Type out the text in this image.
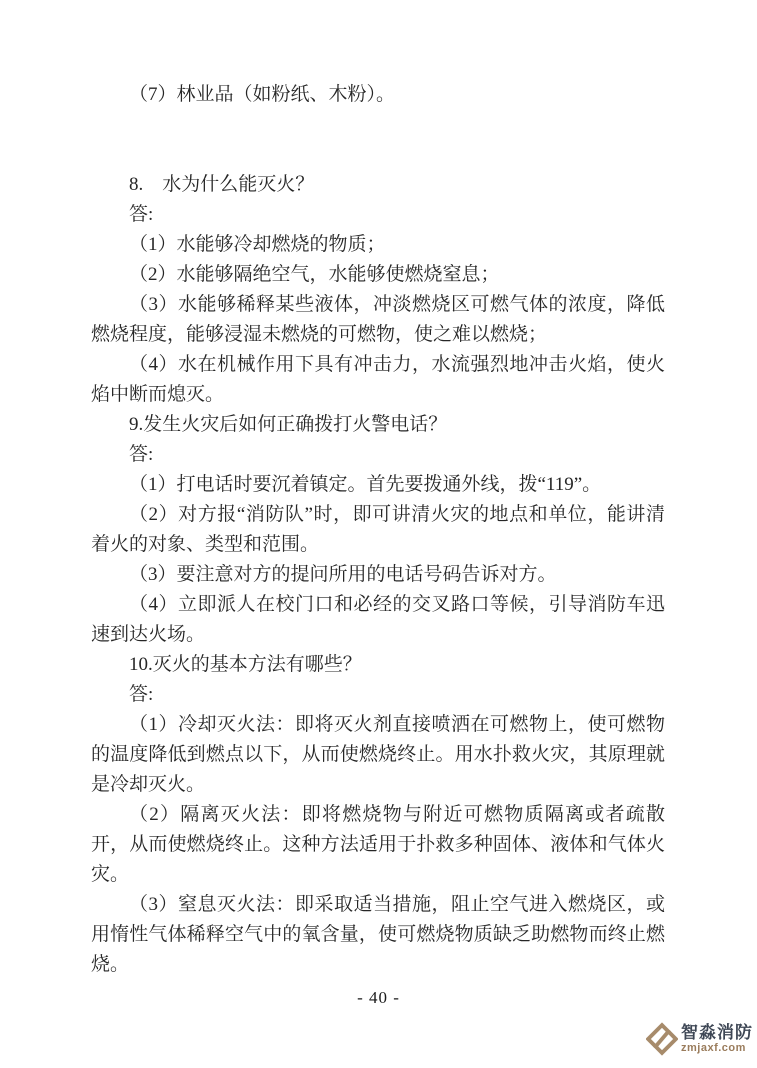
（7）林业品（如粉纸、木粉）。

8.　水为什么能灭火？

答:

（1）水能够冷却燃烧的物质；

（2）水能够隔绝空气，水能够使燃烧窒息；

（3）水能够稀释某些液体，冲淡燃烧区可燃气体的浓度，降低燃烧程度，能够浸湿未燃烧的可燃物，使之难以燃烧；

（4）水在机械作用下具有冲击力，水流强烈地冲击火焰，使火焰中断而熄灭。

9.发生火灾后如何正确拨打火警电话？

答:

（1）打电话时要沉着镇定。首先要拨通外线，拨“119”。

（2）对方报“消防队”时，即可讲清火灾的地点和单位，能讲清着火的对象、类型和范围。

（3）要注意对方的提问所用的电话号码告诉对方。

（4）立即派人在校门口和必经的交叉路口等候，引导消防车迅速到达火场。

10.灭火的基本方法有哪些？

答:

（1）冷却灭火法：即将灭火剂直接喷洒在可燃物上，使可燃物的温度降低到燃点以下，从而使燃烧终止。用水扑救火灾，其原理就是冷却灭火。

（2）隔离灭火法：即将燃烧物与附近可燃物质隔离或者疏散开，从而使燃烧终止。这种方法适用于扑救多种固体、液体和气体火灾。

（3）窒息灭火法：即采取适当措施，阻止空气进入燃烧区，或用惰性气体稀释空气中的氧含量，使可燃烧物质缺乏助燃物而终止燃烧。

- 40 -
智淼消防
zmjaxf.com
